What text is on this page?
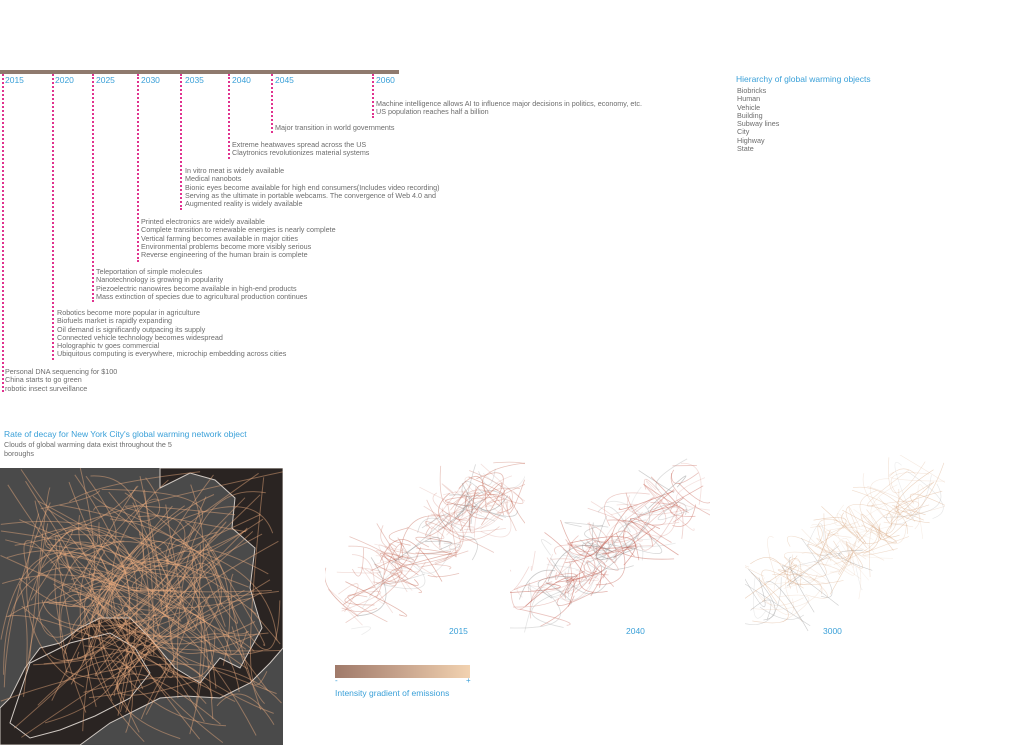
2015	2020	2025	2030	2035	2040	2045	2060
Machine intelligence allows AI to influence major decisions in politics, economy, etc.
US population reaches half a billion
Major transition in world governments
Extreme heatwaves spread across the US
Claytronics revolutionizes material systems
In vitro meat is widely available
Medical nanobots
Bionic eyes become available for high end consumers(Includes video recording)
Serving as the ultimate in portable webcams. The convergence of Web 4.0 and
Augmented reality is widely available
Printed electronics are widely available
Complete transition to renewable energies is nearly complete
Vertical farming becomes available in major cities
Environmental problems become more visibly serious
Reverse engineering of the human brain is complete
Teleportation of simple molecules
Nanotechnology is growing in popularity
Piezoelectric nanowires become available in high-end products
Mass extinction of species due to agricultural production continues
Robotics become more popular in agriculture
Biofuels market is rapidly expanding
Oil demand is significantly outpacing its supply
Connected vehicle technology becomes widespread
Holographic tv goes commercial
Ubiquitous computing is everywhere, microchip embedding across cities
Personal DNA sequencing for $100
China starts to go green
robotic insect surveillance
Hierarchy of global warming objects
Biobricks
Human
Vehicle
Building
Subway lines
City
Highway
State
Rate of decay for New York City's global warming network object
Clouds of global warming data exist throughout the 5 boroughs
2015	2040	3000
-	+
Intensity gradient of emissions
